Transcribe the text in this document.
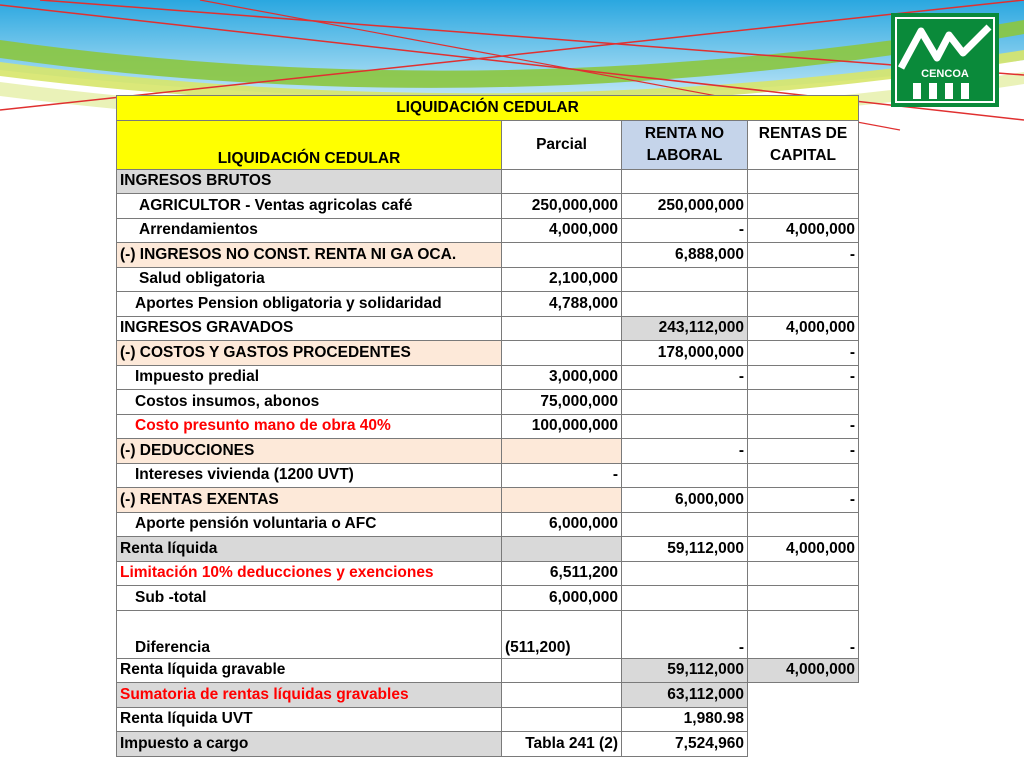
CENCOA
LIQUIDACIÓN CEDULAR			
LIQUIDACIÓN CEDULAR	Parcial	RENTA NO LABORAL	RENTAS DE CAPITAL
INGRESOS BRUTOS			
AGRICULTOR - Ventas agricolas café	250,000,000	250,000,000	
Arrendamientos	4,000,000	-	4,000,000
(-) INGRESOS NO CONST. RENTA NI GA OCA.		6,888,000	-
Salud obligatoria	2,100,000		
Aportes Pension obligatoria y solidaridad	4,788,000		
INGRESOS GRAVADOS		243,112,000	4,000,000
(-) COSTOS Y GASTOS PROCEDENTES		178,000,000	-
Impuesto predial	3,000,000	-	-
Costos insumos, abonos	75,000,000		
Costo presunto mano de obra 40%	100,000,000		-
(-) DEDUCCIONES		-	-
Intereses vivienda (1200 UVT)	-		
(-) RENTAS EXENTAS		6,000,000	-
Aporte pensión voluntaria o AFC	6,000,000		
Renta líquida		59,112,000	4,000,000
Limitación 10% deducciones y exenciones	6,511,200		
Sub -total	6,000,000		
Diferencia	(511,200)	-	-
Renta líquida gravable		59,112,000	4,000,000
Sumatoria de rentas líquidas gravables		63,112,000	
Renta líquida UVT		1,980.98	
Impuesto a cargo	Tabla 241 (2)	7,524,960	
